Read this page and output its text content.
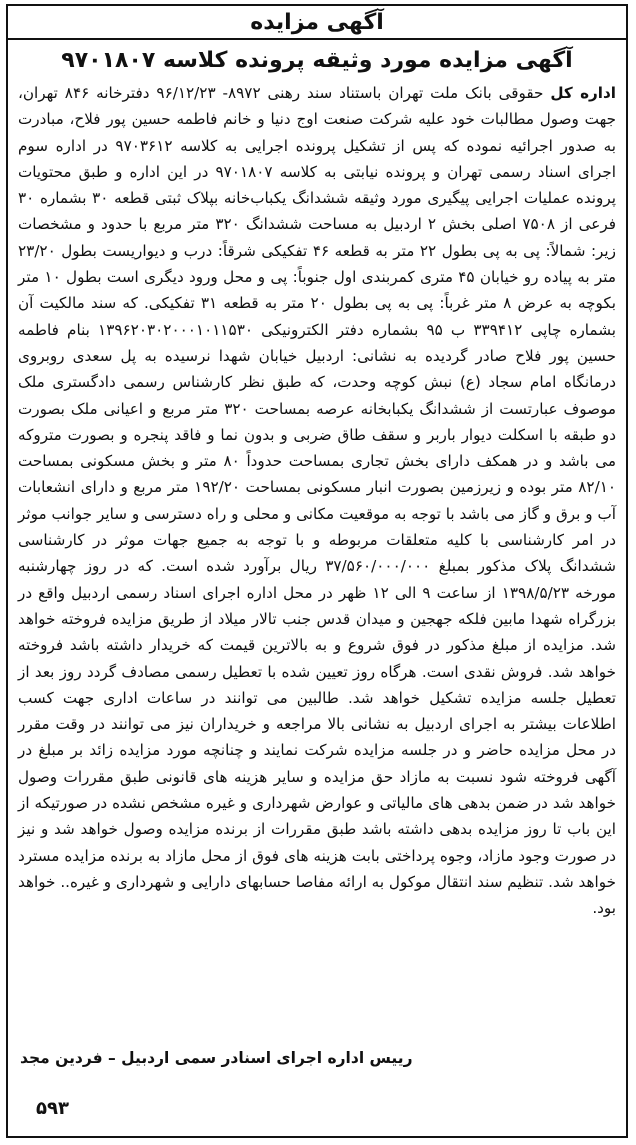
آگهی مزایده
آگهی مزایده مورد وثیقه پرونده کلاسه ۹۷۰۱۸۰۷
اداره کل حقوقی بانک ملت تهران باستناد سند رهنی ۸۹۷۲- ۹۶/۱۲/۲۳ دفترخانه ۸۴۶ تهران، جهت وصول مطالبات خود علیه شرکت صنعت اوج دنیا و خانم فاطمه حسین پور فلاح، مبادرت به صدور اجرائیه نموده که پس از تشکیل پرونده اجرایی به کلاسه ۹۷۰۳۶۱۲ در اداره سوم اجرای اسناد رسمی تهران و پرونده نیابتی به کلاسه ۹۷۰۱۸۰۷ در این اداره و طبق محتویات پرونده عملیات اجرایی پیگیری مورد وثیقه ششدانگ یکباب‌خانه بپلاک ثبتی قطعه ۳۰ بشماره ۳۰ فرعی از ۷۵۰۸ اصلی بخش ۲ اردبیل به مساحت ششدانگ ۳۲۰ متر مربع با حدود و مشخصات زیر: شمالاً: پی به پی بطول ۲۲ متر به قطعه ۴۶ تفکیکی شرقاً: درب و دیواریست بطول ۲۳/۲۰ متر به پیاده رو خیابان ۴۵ متری کمربندی اول جنوباً: پی و محل ورود دیگری است بطول ۱۰ متر بکوچه به عرض ۸ متر غرباً: پی به پی بطول ۲۰ متر به قطعه ۳۱ تفکیکی. که سند مالکیت آن بشماره چاپی ۳۳۹۴۱۲ ب ۹۵ بشماره دفتر الکترونیکی ۱۳۹۶۲۰۳۰۲۰۰۰۱۰۱۱۵۳۰ بنام فاطمه حسین پور فلاح صادر گردیده به نشانی: اردبیل خیابان شهدا نرسیده به پل سعدی روبروی درمانگاه امام سجاد (ع) نبش کوچه وحدت، که طبق نظر کارشناس رسمی دادگستری ملک موصوف عبارتست از ششدانگ یکبابخانه عرصه بمساحت ۳۲۰ متر مربع و اعیانی ملک بصورت دو طبقه با اسکلت دیوار باربر و سقف طاق ضربی و بدون نما و فاقد پنجره و بصورت متروکه می باشد و در همکف دارای بخش تجاری بمساحت حدوداً ۸۰ متر و بخش مسکونی بمساحت ۸۲/۱۰ متر بوده و زیرزمین بصورت انبار مسکونی بمساحت ۱۹۲/۲۰ متر مربع و دارای انشعابات آب و برق و گاز می باشد با توجه به موقعیت مکانی و محلی و راه دسترسی و سایر جوانب موثر در امر کارشناسی با کلیه متعلقات مربوطه و با توجه به جمیع جهات موثر در کارشناسی ششدانگ پلاک مذکور بمبلغ ۳۷/۵۶۰/۰۰۰/۰۰۰ ریال برآورد شده است. که در روز چهارشنبه مورخه ۱۳۹۸/۵/۲۳ از ساعت ۹ الی ۱۲ ظهر در محل اداره اجرای اسناد رسمی اردبیل واقع در بزرگراه شهدا مابین فلکه جهجین و میدان قدس جنب تالار میلاد از طریق مزایده فروخته خواهد شد. مزایده از مبلغ مذکور در فوق شروع و به بالاترین قیمت که خریدار داشته باشد فروخته خواهد شد. فروش نقدی است. هرگاه روز تعیین شده با تعطیل رسمی مصادف گردد روز بعد از تعطیل جلسه مزایده تشکیل خواهد شد. طالبین می توانند در ساعات اداری جهت کسب اطلاعات بیشتر به اجرای اردبیل به نشانی بالا مراجعه و خریداران نیز می توانند در وقت مقرر در محل مزایده حاضر و در جلسه مزایده شرکت نمایند و چنانچه مورد مزایده زائد بر مبلغ در آگهی فروخته شود نسبت به مازاد حق مزایده و سایر هزینه های قانونی طبق مقررات وصول خواهد شد در ضمن بدهی های مالیاتی و عوارض شهرداری و غیره مشخص نشده در صورتیکه از این باب تا روز مزایده بدهی داشته باشد طبق مقررات از برنده مزایده وصول خواهد شد و نیز در صورت وجود مازاد، وجوه پرداختی بابت هزینه های فوق از محل مازاد به برنده مزایده مسترد خواهد شد. تنظیم سند انتقال موکول به ارائه مفاصا حسابهای دارایی و شهرداری و غیره.. خواهد بود.
رییس اداره اجرای اسنادر سمی اردبیل – فردین مجد
۵۹۳
